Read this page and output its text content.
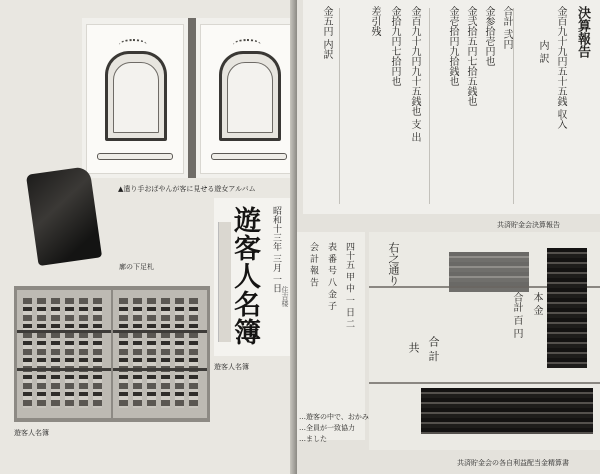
▲遣り手おばやんが客に見せる遊女アルバム
廓の下足札	遊客人名簿	昭和十三年 三月 一日
住吉楼
遊客人名簿
遊客人名簿
決算報告
金百九十九円五十五銭 収入
内 訳
合計 弐円
金参拾壱円也
金弐拾五円七拾五銭也
金壱拾円九拾銭也
金百九十九円九十五銭也 支 出
金拾九円七拾円也
差引残
金五円 内訳
共済貯金会決算報告
四十五 甲 中 一 日 二
表 番 号 八 金 子
会 計 報 告
…遊客の中で、おかみ
…全員が一致協力
…ました
右之通り
共 合 計
本 金
合計 百 円
共済貯金会の各自利益配当金精算書
